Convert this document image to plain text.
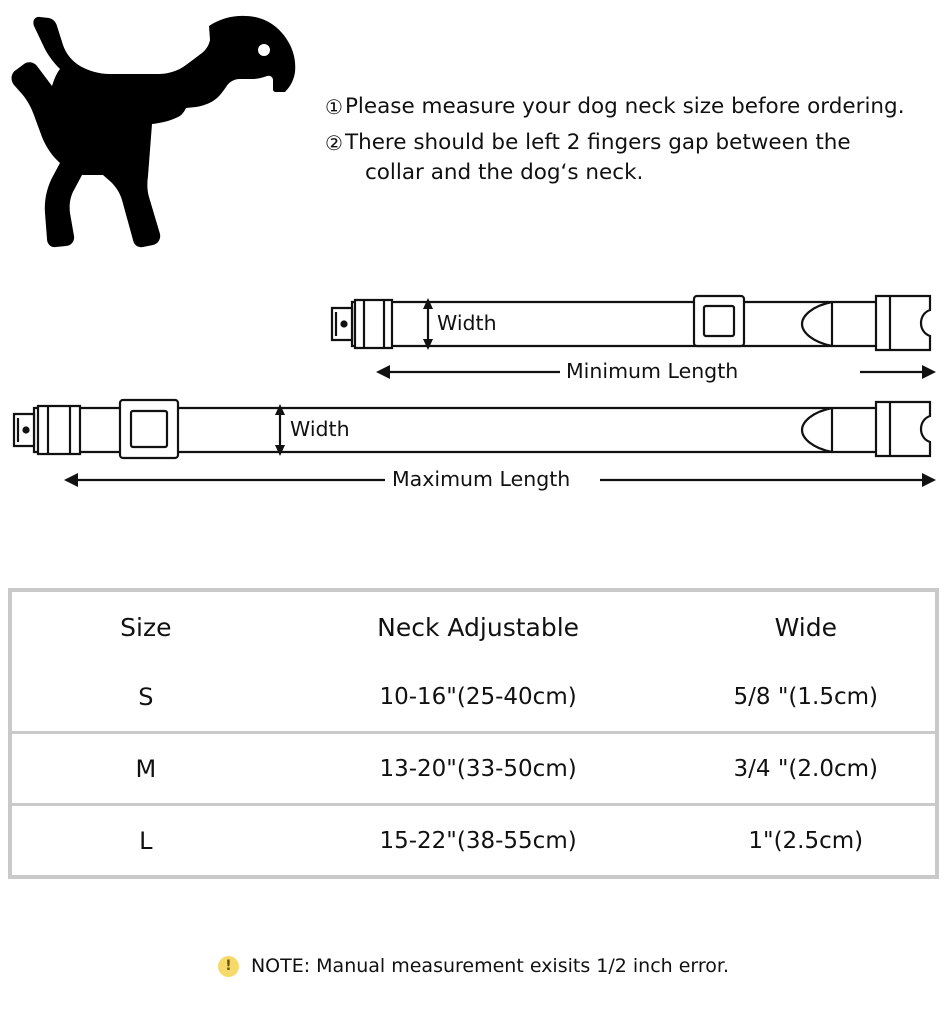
① Please measure your dog neck size before ordering.
② There should be left 2 fingers gap between the
collar and the dog‘s neck.
Width
Minimum Length
Width
Maximum Length
Size	Neck Adjustable	Wide
S	10-16"(25-40cm)	5/8 "(1.5cm)
M	13-20"(33-50cm)	3/4 "(2.0cm)
L	15-22"(38-55cm)	1"(2.5cm)
!	NOTE: Manual measurement exisits 1/2 inch error.
